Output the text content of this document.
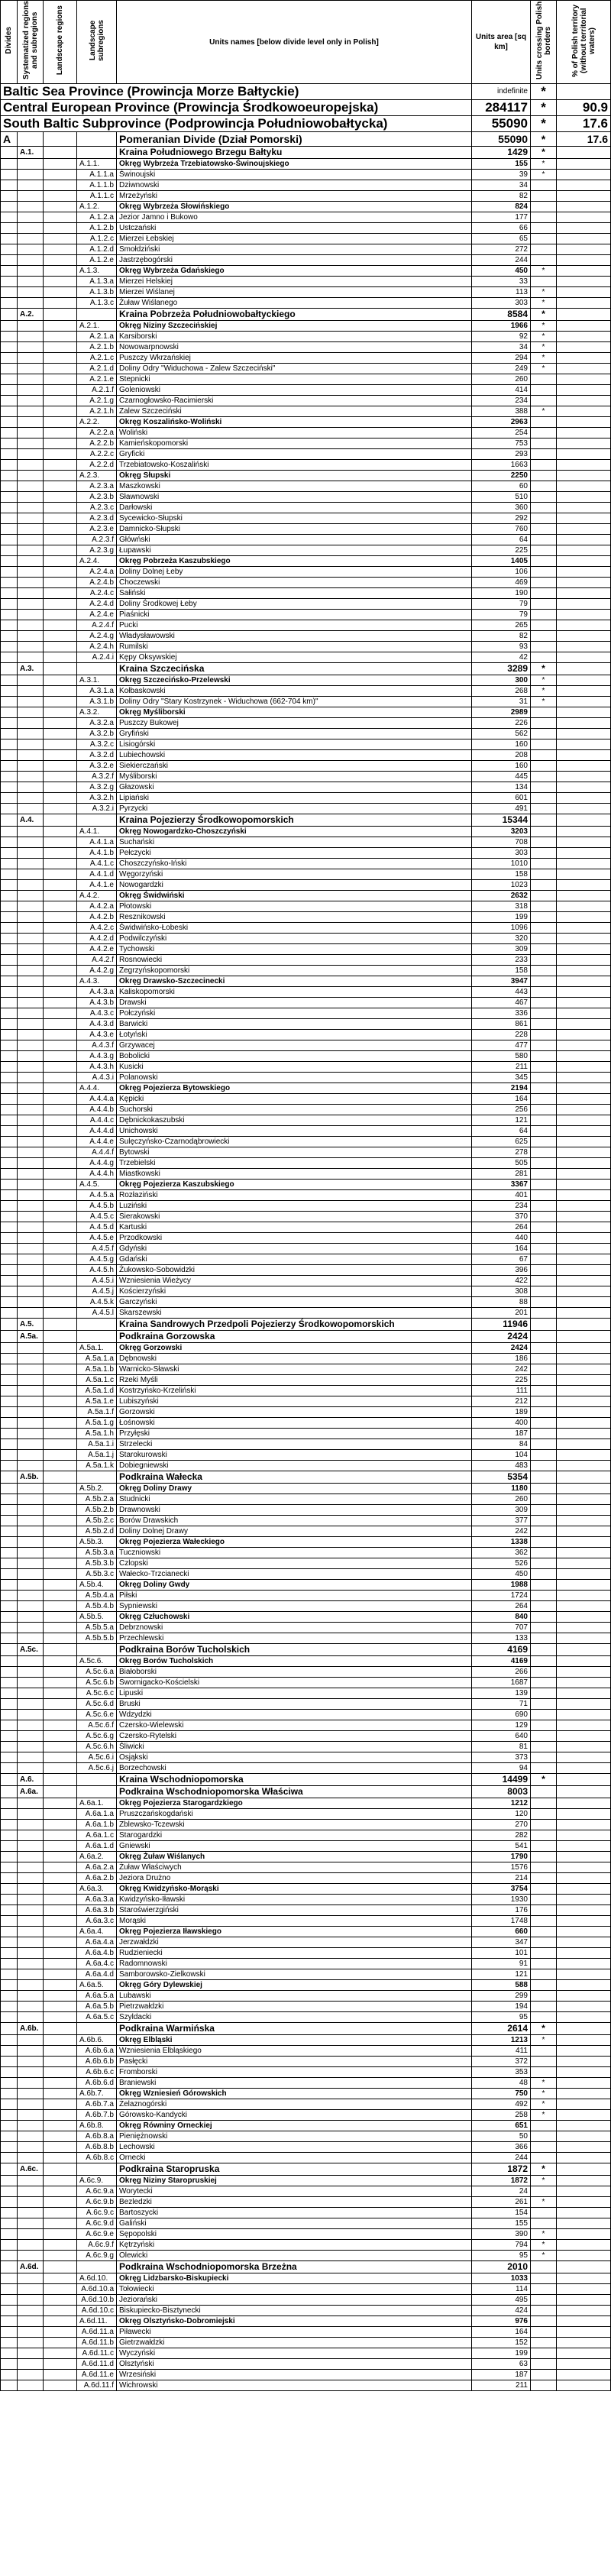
Divides	Systematized regions and subregions	Landscape regions	Landscape subregions	Units names [below divide level only in Polish]	Units area [sq km]	Units crossing Polish borders	% of Polish territory (without territorial waters)
Baltic Sea Province (Prowincja Morze Bałtyckie)					indefinite	*	
Central European Province (Prowincja Środkowoeuropejska)					284117	*	90.9
South Baltic Subprovince (Podprowincja Południowobałtycka)					55090	*	17.6
A				Pomeranian Divide (Dział Pomorski)	55090	*	17.6
	A.1.			Kraina Południowego Brzegu Bałtyku	1429	*	
			A.1.1.	Okręg Wybrzeża Trzebiatowsko-Świnoujskiego	155	*	
			A.1.1.a	Świnoujski	39	*	
			A.1.1.b	Dziwnowski	34		
			A.1.1.c	Mrzeżyński	82		
			A.1.2.	Okręg Wybrzeża Słowińskiego	824		
			A.1.2.a	Jezior Jamno i Bukowo	177		
			A.1.2.b	Ustczański	66		
			A.1.2.c	Mierzei Łebskiej	65		
			A.1.2.d	Smołdziński	272		
			A.1.2.e	Jastrzębogórski	244		
			A.1.3.	Okręg Wybrzeża Gdańskiego	450	*	
			A.1.3.a	Mierzei Helskiej	33		
			A.1.3.b	Mierzei Wiślanej	113	*	
			A.1.3.c	Żuław Wiślanego	303	*	
	A.2.			Kraina Pobrzeża Południowobałtyckiego	8584	*	
			A.2.1.	Okręg Niziny Szczecińskiej	1966	*	
			A.2.1.a	Karsiborski	92	*	
			A.2.1.b	Nowowarpnowski	34	*	
			A.2.1.c	Puszczy Wkrzańskiej	294	*	
			A.2.1.d	Doliny Odry "Widuchowa - Zalew Szczeciński"	249	*	
			A.2.1.e	Stepnicki	260		
			A.2.1.f	Goleniowski	414		
			A.2.1.g	Czarnogłowsko-Racimierski	234		
			A.2.1.h	Zalew Szczeciński	388	*	
			A.2.2.	Okręg Koszalińsko-Woliński	2963		
			A.2.2.a	Woliński	254		
			A.2.2.b	Kamieńskopomorski	753		
			A.2.2.c	Gryficki	293		
			A.2.2.d	Trzebiatowsko-Koszaliński	1663		
			A.2.3.	Okręg Słupski	2250		
			A.2.3.a	Maszkowski	60		
			A.2.3.b	Sławnowski	510		
			A.2.3.c	Darłowski	360		
			A.2.3.d	Sycewicko-Słupski	292		
			A.2.3.e	Damnicko-Słupski	760		
			A.2.3.f	Główński	64		
			A.2.3.g	Łupawski	225		
			A.2.4.	Okręg Pobrzeża Kaszubskiego	1405		
			A.2.4.a	Doliny Dolnej Łeby	106		
			A.2.4.b	Choczewski	469		
			A.2.4.c	Sałiński	190		
			A.2.4.d	Doliny Środkowej Łeby	79		
			A.2.4.e	Piaśnicki	79		
			A.2.4.f	Pucki	265		
			A.2.4.g	Władysławowski	82		
			A.2.4.h	Rumilski	93		
			A.2.4.i	Kępy Oksywskiej	42		
	A.3.			Kraina Szczecińska	3289	*	
			A.3.1.	Okręg Szczecińsko-Przelewski	300	*	
			A.3.1.a	Kołbaskowski	268	*	
			A.3.1.b	Doliny Odry "Stary Kostrzynek - Widuchowa (662-704 km)"	31	*	
			A.3.2.	Okręg Myśliborski	2989		
			A.3.2.a	Puszczy Bukowej	226		
			A.3.2.b	Gryfiński	562		
			A.3.2.c	Lisiogórski	160		
			A.3.2.d	Lubiechowski	208		
			A.3.2.e	Siekierczański	160		
			A.3.2.f	Myśliborski	445		
			A.3.2.g	Głazowski	134		
			A.3.2.h	Lipiański	601		
			A.3.2.i	Pyrzycki	491		
	A.4.			Kraina Pojezierzy Środkowopomorskich	15344		
			A.4.1.	Okręg Nowogardzko-Choszczyński	3203		
			A.4.1.a	Suchański	708		
			A.4.1.b	Pełczycki	303		
			A.4.1.c	Choszczyńsko-Iński	1010		
			A.4.1.d	Węgorzyński	158		
			A.4.1.e	Nowogardzki	1023		
			A.4.2.	Okręg Świdwiński	2632		
			A.4.2.a	Płotowski	318		
			A.4.2.b	Resznikowski	199		
			A.4.2.c	Świdwińsko-Łobeski	1096		
			A.4.2.d	Podwilczyński	320		
			A.4.2.e	Tychowski	309		
			A.4.2.f	Rosnowiecki	233		
			A.4.2.g	Zegrzyńskopomorski	158		
			A.4.3.	Okręg Drawsko-Szczecinecki	3947		
			A.4.3.a	Kaliskopomorski	443		
			A.4.3.b	Drawski	467		
			A.4.3.c	Połczyński	336		
			A.4.3.d	Barwicki	861		
			A.4.3.e	Łotyński	228		
			A.4.3.f	Grzywacej	477		
			A.4.3.g	Bobolicki	580		
			A.4.3.h	Kusicki	211		
			A.4.3.i	Polanowski	345		
			A.4.4.	Okręg Pojezierza Bytowskiego	2194		
			A.4.4.a	Kępicki	164		
			A.4.4.b	Suchorski	256		
			A.4.4.c	Dębnickokaszubski	121		
			A.4.4.d	Unichowski	64		
			A.4.4.e	Sulęczyńsko-Czarnodąbrowiecki	625		
			A.4.4.f	Bytowski	278		
			A.4.4.g	Trzebielski	505		
			A.4.4.h	Miastkowski	281		
			A.4.5.	Okręg Pojezierza Kaszubskiego	3367		
			A.4.5.a	Rozłaziński	401		
			A.4.5.b	Luziński	234		
			A.4.5.c	Sierakowski	370		
			A.4.5.d	Kartuski	264		
			A.4.5.e	Przodkowski	440		
			A.4.5.f	Gdyński	164		
			A.4.5.g	Gdański	67		
			A.4.5.h	Żukowsko-Sobowidzki	396		
			A.4.5.i	Wzniesienia Wieżycy	422		
			A.4.5.j	Kościerzyński	308		
			A.4.5.k	Garczyński	88		
			A.4.5.l	Skarszewski	201		
	A.5.			Kraina Sandrowych Przedpoli Pojezierzy Środkowopomorskich	11946		
	A.5a.			Podkraina Gorzowska	2424		
			A.5a.1.	Okręg Gorzowski	2424		
			A.5a.1.a	Dębnowski	186		
			A.5a.1.b	Warnicko-Sławski	242		
			A.5a.1.c	Rzeki Myśli	225		
			A.5a.1.d	Kostrzyńsko-Krzeliński	111		
			A.5a.1.e	Lubiszyński	212		
			A.5a.1.f	Gorzowski	189		
			A.5a.1.g	Łośnowski	400		
			A.5a.1.h	Przyłęski	187		
			A.5a.1.i	Strzelecki	84		
			A.5a.1.j	Starokurowski	104		
			A.5a.1.k	Dobiegniewski	483		
	A.5b.			Podkraina Wałecka	5354		
			A.5b.2.	Okręg Doliny Drawy	1180		
			A.5b.2.a	Studnicki	260		
			A.5b.2.b	Drawnowski	309		
			A.5b.2.c	Borów Drawskich	377		
			A.5b.2.d	Doliny Dolnej Drawy	242		
			A.5b.3.	Okręg Pojezierza Wałeckiego	1338		
			A.5b.3.a	Tuczniowski	362		
			A.5b.3.b	Czlopski	526		
			A.5b.3.c	Wałecko-Trzcianecki	450		
			A.5b.4.	Okręg Doliny Gwdy	1988		
			A.5b.4.a	Piłski	1724		
			A.5b.4.b	Sypniewski	264		
			A.5b.5.	Okręg Człuchowski	840		
			A.5b.5.a	Debrznowski	707		
			A.5b.5.b	Przechlewski	133		
	A.5c.			Podkraina Borów Tucholskich	4169		
			A.5c.6.	Okręg Borów Tucholskich	4169		
			A.5c.6.a	Białoborski	266		
			A.5c.6.b	Swornigacko-Kościelski	1687		
			A.5c.6.c	Lipuski	139		
			A.5c.6.d	Bruski	71		
			A.5c.6.e	Wdzydzki	690		
			A.5c.6.f	Czersko-Wielewski	129		
			A.5c.6.g	Czersko-Rytelski	640		
			A.5c.6.h	Śliwicki	81		
			A.5c.6.i	Osjąkski	373		
			A.5c.6.j	Borzechowski	94		
	A.6.			Kraina Wschodniopomorska	14499	*	
	A.6a.			Podkraina Wschodniopomorska Właściwa	8003		
			A.6a.1.	Okręg Pojezierza Starogardzkiego	1212		
			A.6a.1.a	Pruszczańskogdański	120		
			A.6a.1.b	Zblewsko-Tczewski	270		
			A.6a.1.c	Starogardzki	282		
			A.6a.1.d	Gniewski	541		
			A.6a.2.	Okręg Żuław Wiślanych	1790		
			A.6a.2.a	Żuław Właściwych	1576		
			A.6a.2.b	Jeziora Drużno	214		
			A.6a.3.	Okręg Kwidzyńsko-Morąski	3754		
			A.6a.3.a	Kwidzyńsko-Iławski	1930		
			A.6a.3.b	Staroświerzgiński	176		
			A.6a.3.c	Morąski	1748		
			A.6a.4.	Okręg Pojezierza Iławskiego	660		
			A.6a.4.a	Jerzwałdzki	347		
			A.6a.4.b	Rudzieniecki	101		
			A.6a.4.c	Radomnowski	91		
			A.6a.4.d	Samborowsko-Zielkowski	121		
			A.6a.5.	Okręg Góry Dylewskiej	588		
			A.6a.5.a	Lubawski	299		
			A.6a.5.b	Pietrzwałdzki	194		
			A.6a.5.c	Szyldacki	95		
	A.6b.			Podkraina Warmińska	2614	*	
			A.6b.6.	Okręg Elbląski	1213	*	
			A.6b.6.a	Wzniesienia Elbląskiego	411		
			A.6b.6.b	Pasłęcki	372		
			A.6b.6.c	Fromborski	353		
			A.6b.6.d	Braniewski	48	*	
			A.6b.7.	Okręg Wzniesień Górowskich	750	*	
			A.6b.7.a	Żelaznogórski	492	*	
			A.6b.7.b	Górowsko-Kandycki	258	*	
			A.6b.8.	Okręg Równiny Orneckiej	651		
			A.6b.8.a	Pieniężnowski	50		
			A.6b.8.b	Lechowski	366		
			A.6b.8.c	Ornecki	244		
	A.6c.			Podkraina Staropruska	1872	*	
			A.6c.9.	Okręg Niziny Staropruskiej	1872	*	
			A.6c.9.a	Worytecki	24		
			A.6c.9.b	Bezledzki	261	*	
			A.6c.9.c	Bartoszycki	154		
			A.6c.9.d	Galiński	155		
			A.6c.9.e	Sępopolski	390	*	
			A.6c.9.f	Kętrzyński	794	*	
			A.6c.9.g	Olewicki	95	*	
	A.6d.			Podkraina Wschodniopomorska Brzeżna	2010		
			A.6d.10.	Okręg Lidzbarsko-Biskupiecki	1033		
			A.6d.10.a	Tołowiecki	114		
			A.6d.10.b	Jeziorański	495		
			A.6d.10.c	Biskupiecko-Bisztynecki	424		
			A.6d.11.	Okręg Olsztyńsko-Dobromiejski	976		
			A.6d.11.a	Piławecki	164		
			A.6d.11.b	Gietrzwałdzki	152		
			A.6d.11.c	Wyczyński	199		
			A.6d.11.d	Olsztyński	63		
			A.6d.11.e	Wrzesiński	187		
			A.6d.11.f	Wichrowski	211		
